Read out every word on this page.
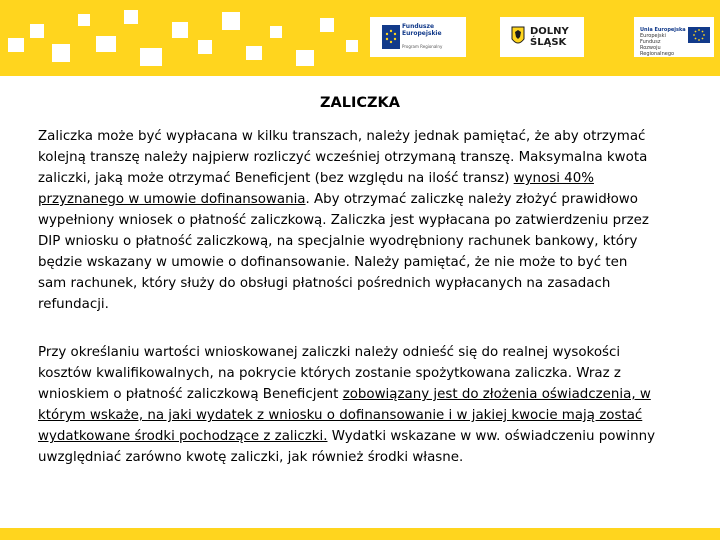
Fundusze
Europejskie
Program Regionalny
DOLNY
ŚLĄSK
Unia Europejska
Europejski Fundusz
Rozwoju Regionalnego
ZALICZKA

Zaliczka może być wypłacana w kilku transzach, należy jednak pamiętać, że aby otrzymać kolejną transzę należy najpierw rozliczyć wcześniej otrzymaną transzę. Maksymalna kwota zaliczki, jaką może otrzymać Beneficjent (bez względu na ilość transz) wynosi 40% przyznanego w umowie dofinansowania. Aby otrzymać zaliczkę należy złożyć prawidłowo wypełniony wniosek o płatność zaliczkową. Zaliczka jest wypłacana po zatwierdzeniu przez DIP wniosku o płatność zaliczkową, na specjalnie wyodrębniony rachunek bankowy, który będzie wskazany w umowie o dofinansowanie. Należy pamiętać, że nie może to być ten sam rachunek, który służy do obsługi płatności pośrednich wypłacanych na zasadach refundacji.

Przy określaniu wartości wnioskowanej zaliczki należy odnieść się do realnej wysokości kosztów kwalifikowalnych, na pokrycie których zostanie spożytkowana zaliczka. Wraz z wnioskiem o płatność zaliczkową Beneficjent zobowiązany jest do złożenia oświadczenia, w którym wskaże, na jaki wydatek z wniosku o dofinansowanie i w jakiej kwocie mają zostać wydatkowane środki pochodzące z zaliczki. Wydatki wskazane w ww. oświadczeniu powinny uwzględniać zarówno kwotę zaliczki, jak również środki własne.
